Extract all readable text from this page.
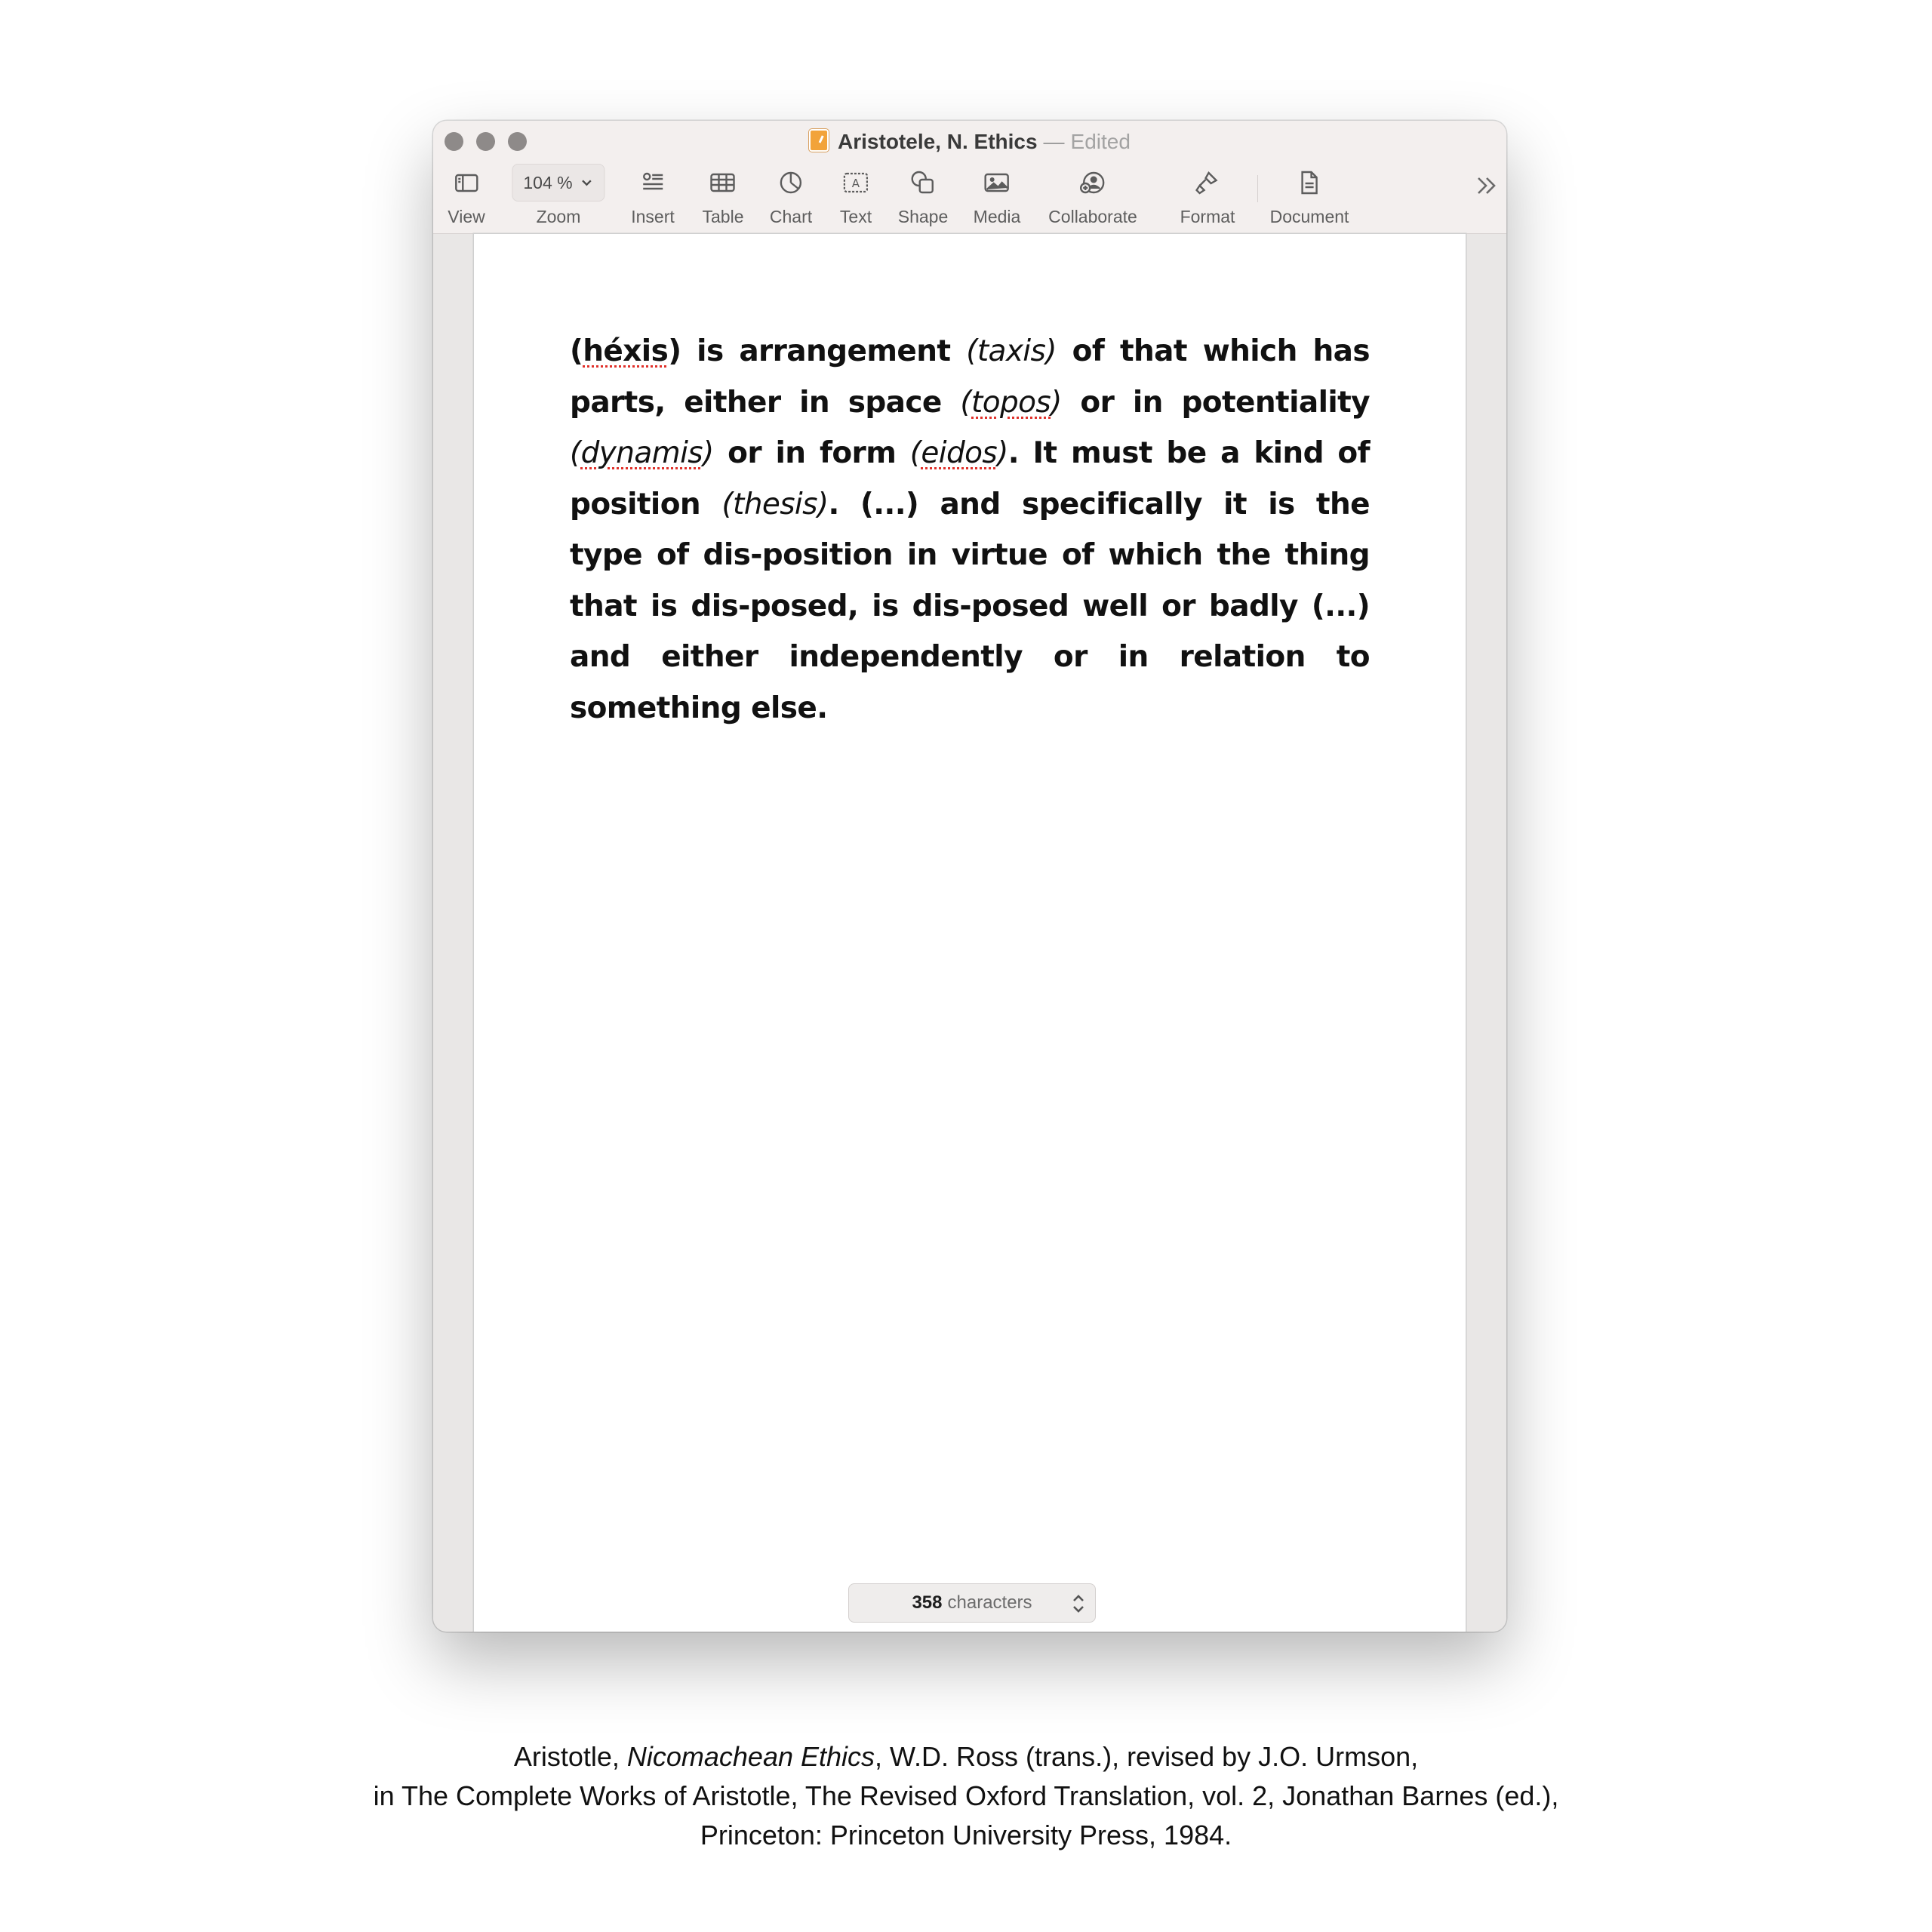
Aristotele, N. Ethics — Edited
View
104 %
Zoom	Insert Table Chart
A
Text Shape Media Collaborate Format Document
(héxis) is arrangement (taxis) of that which has parts, either in space (topos) or in potentiality (dynamis) or in form (eidos). It must be a kind of position (thesis). (...) and specifically it is the type of dis-position in virtue of which the thing that is dis-posed, is dis-posed well or badly (...) and either independently or in relation to something else.
358 characters
Aristotle, Nicomachean Ethics, W.D. Ross (trans.), revised by J.O. Urmson,
in The Complete Works of Aristotle, The Revised Oxford Translation, vol. 2, Jonathan Barnes (ed.),
Princeton: Princeton University Press, 1984.
